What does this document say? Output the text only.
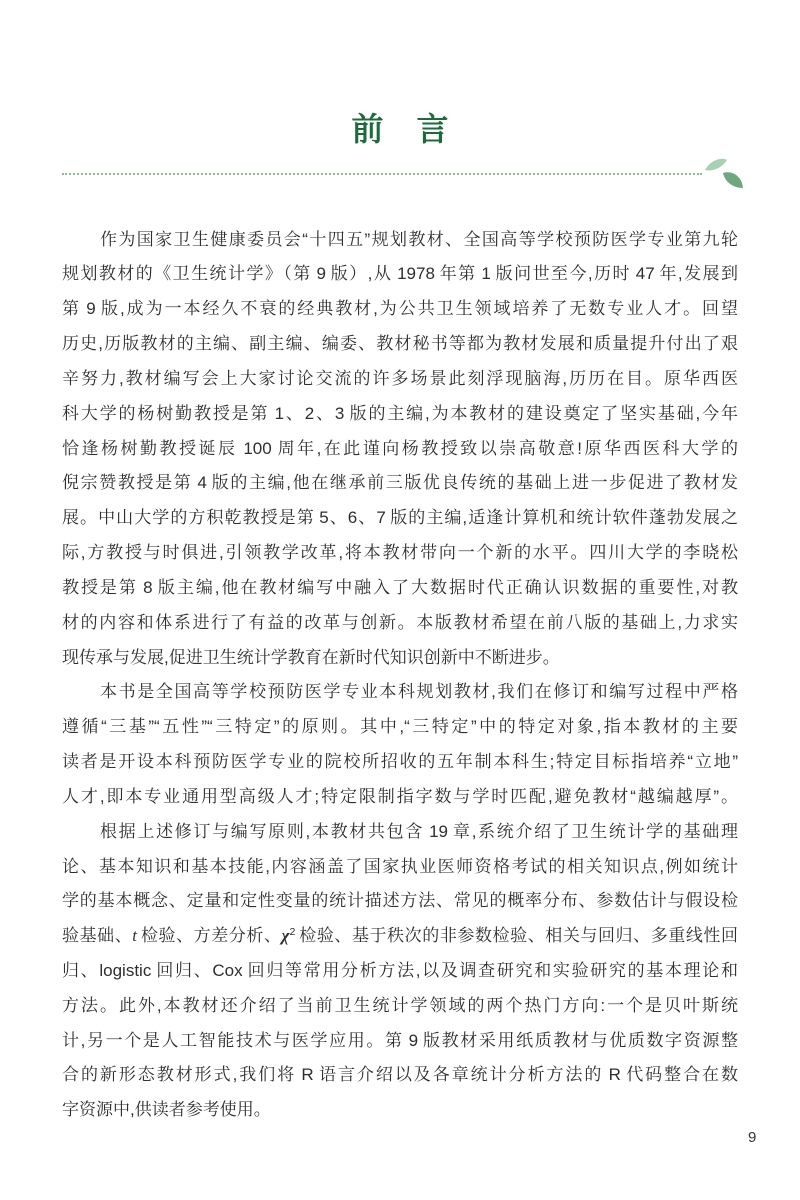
前 言
作为国家卫生健康委员会“十四五”规划教材、全国高等学校预防医学专业第九轮
规划教材的《卫生统计学》（第 9 版）,从 1978 年第 1 版问世至今,历时 47 年,发展到
第 9 版,成为一本经久不衰的经典教材,为公共卫生领域培养了无数专业人才。回望
历史,历版教材的主编、副主编、编委、教材秘书等都为教材发展和质量提升付出了艰
辛努力,教材编写会上大家讨论交流的许多场景此刻浮现脑海,历历在目。原华西医
科大学的杨树勤教授是第 1、2、3 版的主编,为本教材的建设奠定了坚实基础,今年
恰逢杨树勤教授诞辰 100 周年,在此谨向杨教授致以崇高敬意!原华西医科大学的
倪宗赞教授是第 4 版的主编,他在继承前三版优良传统的基础上进一步促进了教材发
展。中山大学的方积乾教授是第 5、6、7 版的主编,适逢计算机和统计软件蓬勃发展之
际,方教授与时俱进,引领教学改革,将本教材带向一个新的水平。四川大学的李晓松
教授是第 8 版主编,他在教材编写中融入了大数据时代正确认识数据的重要性,对教
材的内容和体系进行了有益的改革与创新。本版教材希望在前八版的基础上,力求实
现传承与发展,促进卫生统计学教育在新时代知识创新中不断进步。
本书是全国高等学校预防医学专业本科规划教材,我们在修订和编写过程中严格
遵循“三基”“五性”“三特定”的原则。其中,“三特定”中的特定对象,指本教材的主要
读者是开设本科预防医学专业的院校所招收的五年制本科生;特定目标指培养“立地”
人才,即本专业通用型高级人才;特定限制指字数与学时匹配,避免教材“越编越厚”。
根据上述修订与编写原则,本教材共包含 19 章,系统介绍了卫生统计学的基础理
论、基本知识和基本技能,内容涵盖了国家执业医师资格考试的相关知识点,例如统计
学的基本概念、定量和定性变量的统计描述方法、常见的概率分布、参数估计与假设检
验基础、t 检验、方差分析、$\chi^2$ 检验、基于秩次的非参数检验、相关与回归、多重线性回
归、logistic 回归、Cox 回归等常用分析方法,以及调查研究和实验研究的基本理论和
方法。此外,本教材还介绍了当前卫生统计学领域的两个热门方向:一个是贝叶斯统
计,另一个是人工智能技术与医学应用。第 9 版教材采用纸质教材与优质数字资源整
合的新形态教材形式,我们将 R 语言介绍以及各章统计分析方法的 R 代码整合在数
字资源中,供读者参考使用。
9
